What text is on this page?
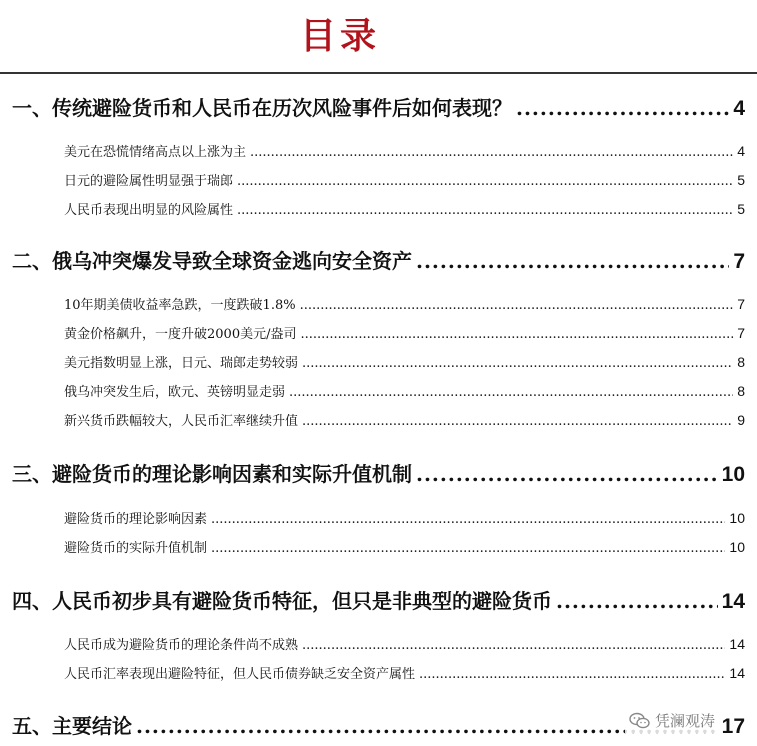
目录
一、传统避险货币和人民币在历次风险事件后如何表现？ .....	4
美元在恐慌情绪高点以上涨为主 .....	4
日元的避险属性明显强于瑞郎 .....	5
人民币表现出明显的风险属性 .....	5
二、俄乌冲突爆发导致全球资金逃向安全资产 .....	7
10年期美债收益率急跌，一度跌破1.8% .....	7
黄金价格飙升，一度升破2000美元/盎司 .....	7
美元指数明显上涨，日元、瑞郎走势较弱 .....	8
俄乌冲突发生后，欧元、英镑明显走弱 .....	8
新兴货币跌幅较大，人民币汇率继续升值 .....	9
三、避险货币的理论影响因素和实际升值机制 .....	10
避险货币的理论影响因素 .....	10
避险货币的实际升值机制 .....	10
四、人民币初步具有避险货币特征，但只是非典型的避险货币 .....	14
人民币成为避险货币的理论条件尚不成熟 .....	14
人民币汇率表现出避险特征，但人民币债券缺乏安全资产属性 .....	14
五、主要结论 .....	17
凭澜观涛
